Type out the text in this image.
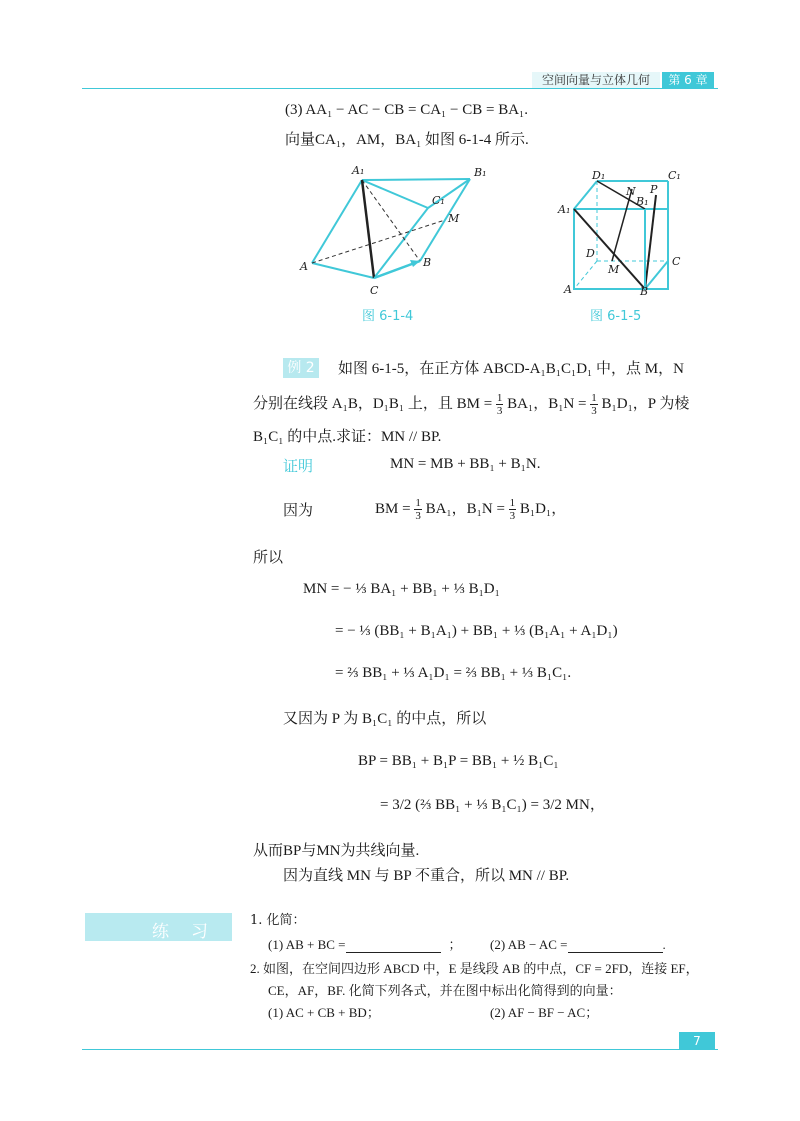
空间向量与立体几何	第 6 章
(3) AA₁ − AC − CB = CA₁ − CB = BA₁.
向量CA₁，AM，BA₁ 如图 6-1-4 所示.
A₁	B₁
C₁
M
A	B
C
图 6-1-4
D₁	C₁
N P
A₁
B₁
D
C
M
A	B
图 6-1-5
例 2 如图 6-1-5，在正方体 ABCD-A₁B₁C₁D₁ 中，点 M，N
分别在线段 A₁B，D₁B₁ 上，且 BM = $\frac{1}{3} BA_1$，$B_1N = \frac{1}{3} B_1D_1$，P 为棱
B₁C₁ 的中点.求证：MN // BP.
证明	MN = MB + BB₁ + B₁N.
因为	BM = $\frac{1}{3} BA_1$，$B_1N = \frac{1}{3} B_1D_1$，
所以
MN = − ⅓ BA₁ + BB₁ + ⅓ B₁D₁
= − ⅓ (BB₁ + B₁A₁) + BB₁ + ⅓ (B₁A₁ + A₁D₁)
= ⅔ BB₁ + ⅓ A₁D₁ = ⅔ BB₁ + ⅓ B₁C₁.
又因为 P 为 B₁C₁ 的中点，所以
BP = BB₁ + B₁P = BB₁ + ½ B₁C₁
= 3/2 (⅔ BB₁ + ⅓ B₁C₁) = 3/2 MN，
从而BP与MN为共线向量.
因为直线 MN 与 BP 不重合，所以 MN // BP.
练习
1. 化简：
(1) AB + BC =	； (2) AB − AC =	.
2. 如图，在空间四边形 ABCD 中，E 是线段 AB 的中点，CF = 2FD，连接 EF，
CE，AF，BF. 化简下列各式，并在图中标出化简得到的向量：
(1) AC + CB + BD；	(2) AF − BF − AC；
7
